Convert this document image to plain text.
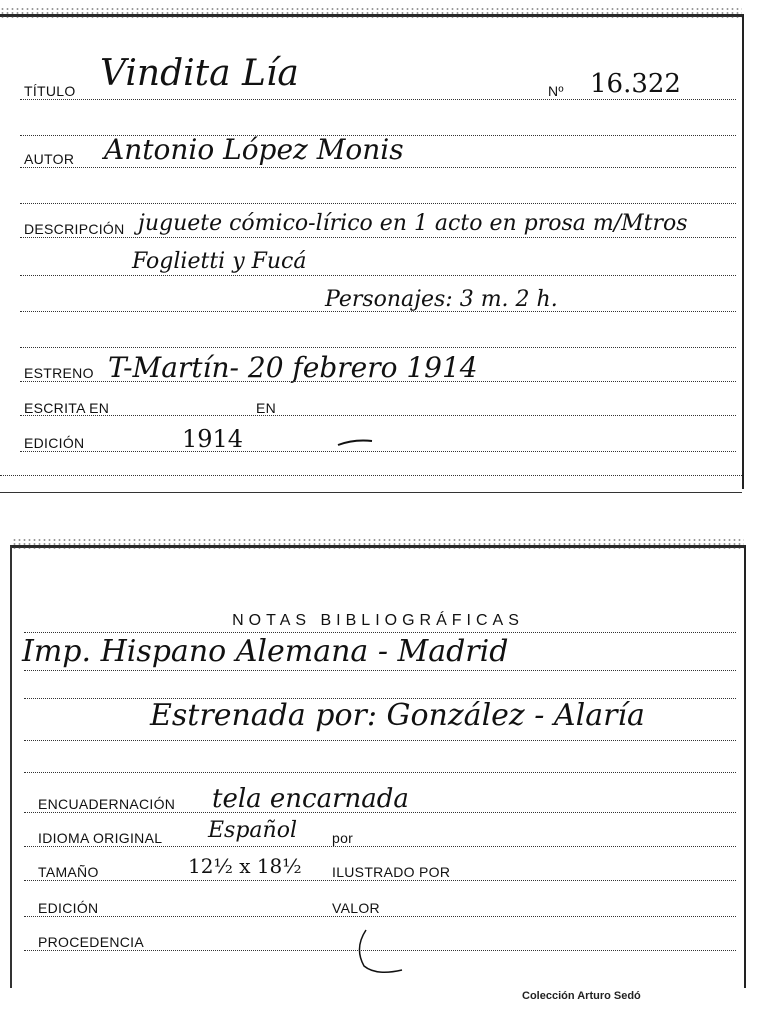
TÍTULO Vindita Lía	Nº 16.322
AUTOR Antonio López Monis
DESCRIPCIÓN juguete cómico-lírico en 1 acto en prosa m/Mtros
Foglietti y Fucá
Personajes: 3 m. 2 h.
ESTRENO T-Martín- 20 febrero 1914
ESCRITA EN	EN
EDICIÓN	1914
NOTAS BIBLIOGRÁFICAS
Imp. Hispano Alemana - Madrid
Estrenada por: González - Alaría
ENCUADERNACIÓN tela encarnada
IDIOMA ORIGINAL Español	por
TAMAÑO	12½ x 18½ ILUSTRADO POR
EDICIÓN	VALOR
PROCEDENCIA
Colección Arturo Sedó
